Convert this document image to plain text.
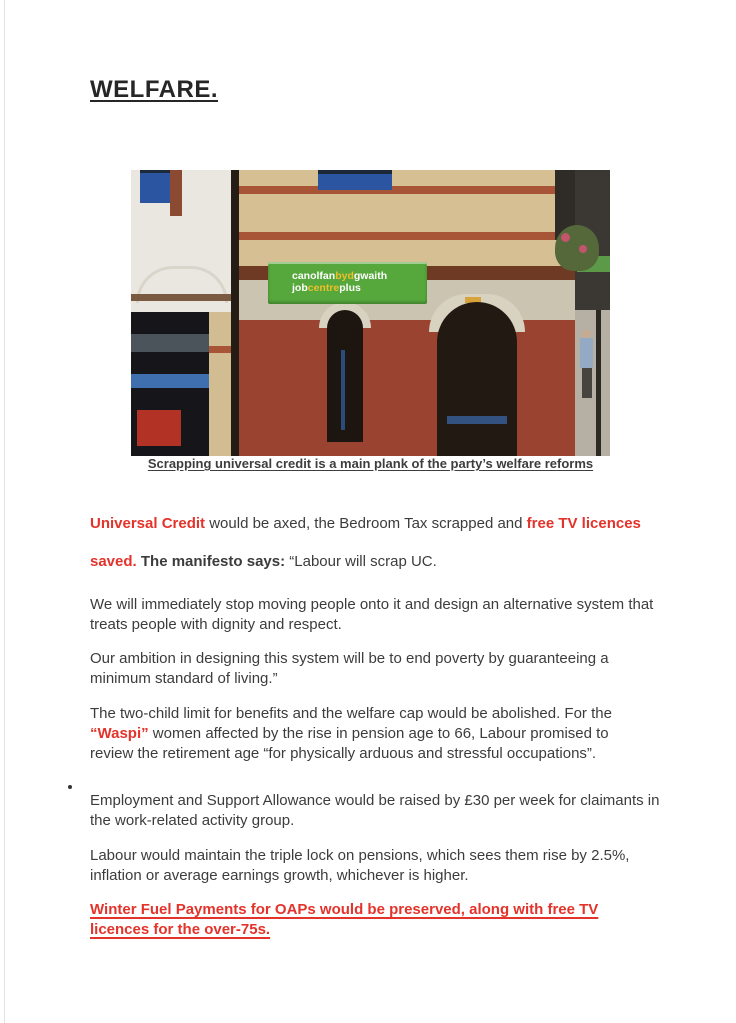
WELFARE.
canolfanbydgwaith
jobcentreplus
Scrapping universal credit is a main plank of the party’s welfare reforms

Universal Credit would be axed, the Bedroom Tax scrapped and free TV licences saved. The manifesto says: “Labour will scrap UC.

We will immediately stop moving people onto it and design an alternative system that treats people with dignity and respect.

Our ambition in designing this system will be to end poverty by guaranteeing a minimum standard of living.”

The two-child limit for benefits and the welfare cap would be abolished. For the “Waspi” women affected by the rise in pension age to 66, Labour promised to review the retirement age “for physically arduous and stressful occupations”.

Employment and Support Allowance would be raised by £30 per week for claimants in the work-related activity group.

Labour would maintain the triple lock on pensions, which sees them rise by 2.5%, inflation or average earnings growth, whichever is higher.

Winter Fuel Payments for OAPs would be preserved, along with free TV licences for the over-75s.
